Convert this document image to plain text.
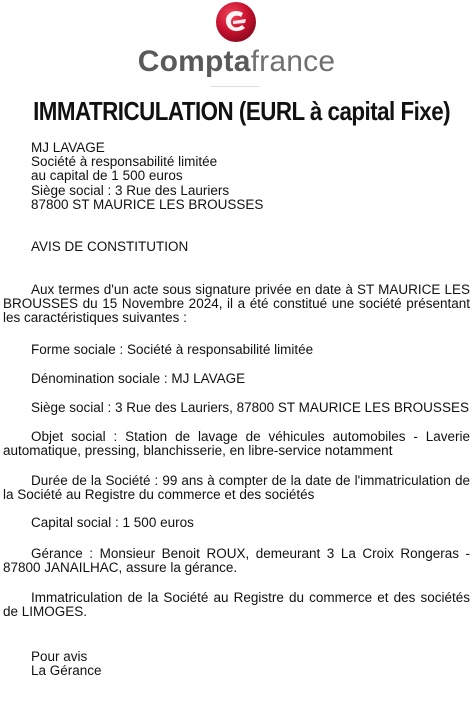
Comptafrance
IMMATRICULATION (EURL à capital Fixe)
MJ LAVAGE
Société à responsabilité limitée
au capital de 1 500 euros
Siège social : 3 Rue des Lauriers
87800 ST MAURICE LES BROUSSES
AVIS DE CONSTITUTION
Aux termes d'un acte sous signature privée en date à ST MAURICE LES BROUSSES du 15 Novembre 2024, il a été constitué une société présentant les caractéristiques suivantes :
Forme sociale : Société à responsabilité limitée
Dénomination sociale : MJ LAVAGE
Siège social : 3 Rue des Lauriers, 87800 ST MAURICE LES BROUSSES
Objet social : Station de lavage de véhicules automobiles - Laverie automatique, pressing, blanchisserie, en libre-service notamment
Durée de la Société : 99 ans à compter de la date de l'immatriculation de la Société au Registre du commerce et des sociétés
Capital social : 1 500 euros
Gérance : Monsieur Benoit ROUX, demeurant 3 La Croix Rongeras - 87800 JANAILHAC, assure la gérance.
Immatriculation de la Société au Registre du commerce et des sociétés de LIMOGES.
Pour avis
La Gérance
